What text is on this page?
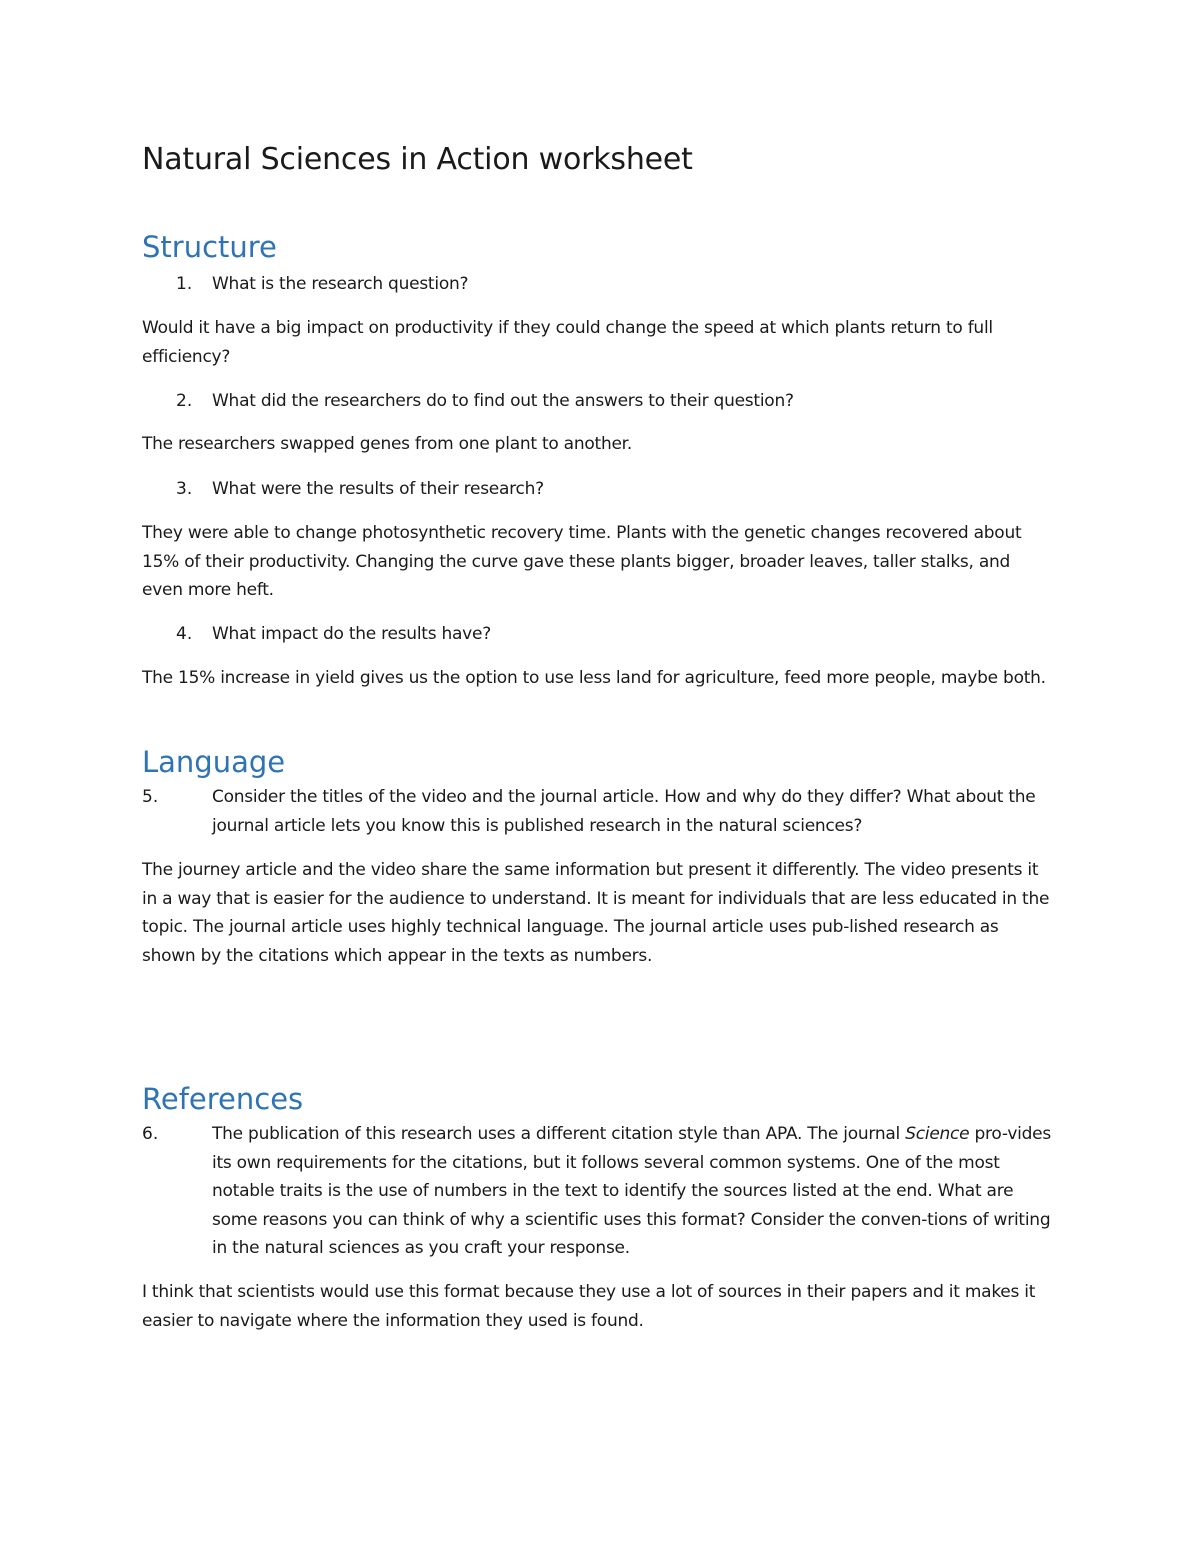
Natural Sciences in Action worksheet
Structure
1. What is the research question?
Would it have a big impact on productivity if they could change the speed at which plants return to full efficiency?
2. What did the researchers do to find out the answers to their question?
The researchers swapped genes from one plant to another.
3. What were the results of their research?
They were able to change photosynthetic recovery time. Plants with the genetic changes recovered about 15% of their productivity. Changing the curve gave these plants bigger, broader leaves, taller stalks, and even more heft.
4. What impact do the results have?
The 15% increase in yield gives us the option to use less land for agriculture, feed more people, maybe both.
Language
5.	Consider the titles of the video and the journal article. How and why do they differ? What about the journal article lets you know this is published research in the natural sciences?
The journey article and the video share the same information but present it differently. The video presents it in a way that is easier for the audience to understand. It is meant for individuals that are less educated in the topic. The journal article uses highly technical language. The journal article uses pub-lished research as shown by the citations which appear in the texts as numbers.
References
6.	The publication of this research uses a different citation style than APA. The journal Science pro-vides its own requirements for the citations, but it follows several common systems. One of the most notable traits is the use of numbers in the text to identify the sources listed at the end. What are some reasons you can think of why a scientific uses this format? Consider the conven-tions of writing in the natural sciences as you craft your response.
I think that scientists would use this format because they use a lot of sources in their papers and it makes it easier to navigate where the information they used is found.
